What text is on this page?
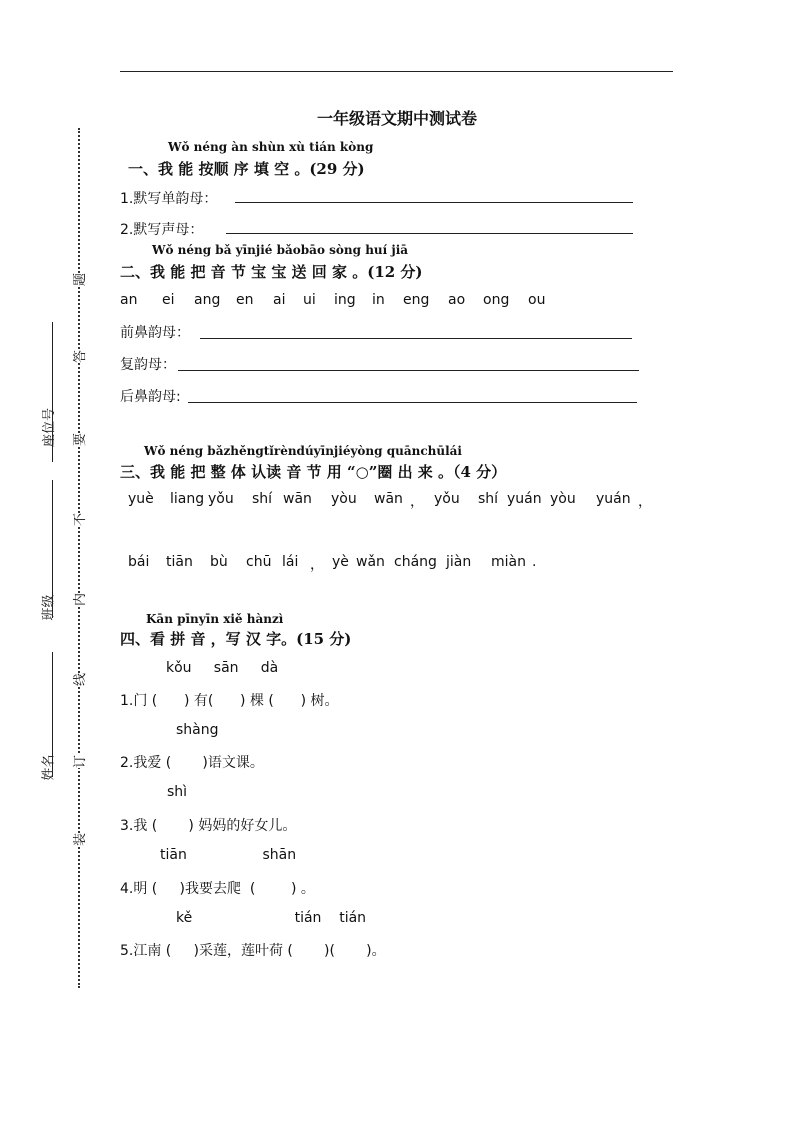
题
答
要
不
内
线
订
装
座位号
班级
姓名
一年级语文期中测试卷
Wǒ néng àn shùn xù tián kòng
一、我 能 按顺 序 填 空 。(29 分)
1.默写单韵母：
2.默写声母：
Wǒ néng bǎ yīnjié bǎobāo sòng huí jiā
二、我 能 把 音 节 宝 宝 送 回 家 。(12 分)
an ei ang en ai ui ing in eng ao ong ou
前鼻韵母：
复韵母：
后鼻韵母:
Wǒ néng bǎzhěngtǐrèndúyīnjiéyòng quānchūlái
三、我 能 把 整 体 认读 音 节 用 “○”圈 出 来 。（4 分）
yuè liang yǒu shí wān yòu wān ， yǒu shí yuán yòu yuán ，
bái tiān bù chū lái ， yè wǎn cháng jiàn miàn .
Kān pīnyīn xiě hànzì
四、看 拼 音 ，写 汉 字。(15 分)
kǒu     sān     dà
1.门 (      ) 有(      ) 棵 (      ) 树。
shàng
2.我爱 (       )语文课。
shì
3.我 (       ) 妈妈的好女儿。
tiān                 shān
4.明 (     )我要去爬  (        ) 。
kě                       tián    tián
5.江南 (     )采莲，莲叶荷 (       )(       )。
